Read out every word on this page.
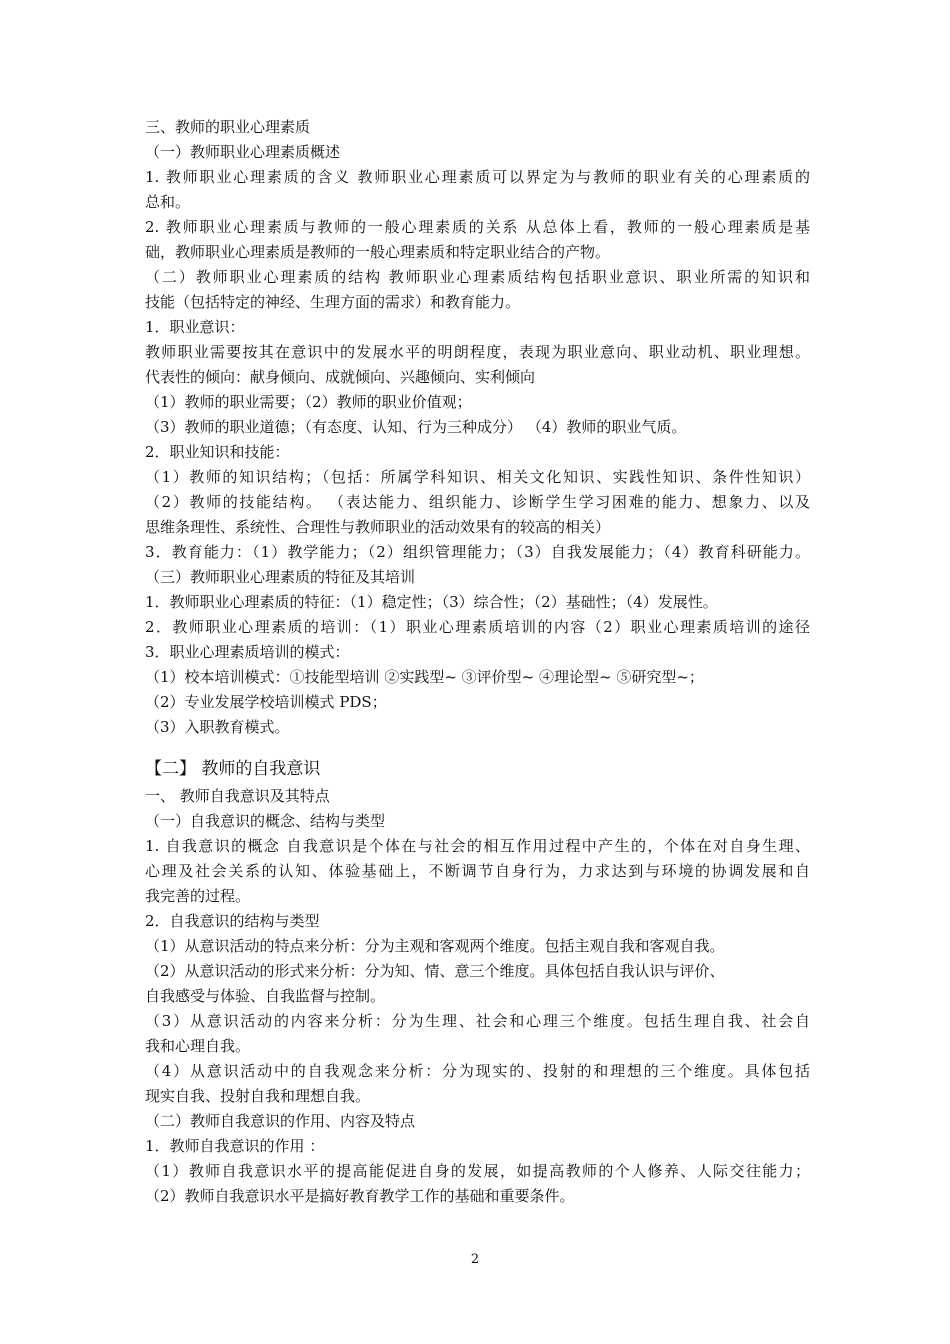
三、教师的职业心理素质
（一）教师职业心理素质概述
1. 教师职业心理素质的含义 教师职业心理素质可以界定为与教师的职业有关的心理素质的
总和。
2. 教师职业心理素质与教师的一般心理素质的关系 从总体上看，教师的一般心理素质是基
础，教师职业心理素质是教师的一般心理素质和特定职业结合的产物。
（二）教师职业心理素质的结构 教师职业心理素质结构包括职业意识、职业所需的知识和
技能（包括特定的神经、生理方面的需求）和教育能力。
1．职业意识：
教师职业需要按其在意识中的发展水平的明朗程度，表现为职业意向、职业动机、职业理想。
代表性的倾向：献身倾向、成就倾向、兴趣倾向、实利倾向
（1）教师的职业需要；（2）教师的职业价值观；
（3）教师的职业道德；（有态度、认知、行为三种成分） （4）教师的职业气质。
2．职业知识和技能：
（1）教师的知识结构；（包括：所属学科知识、相关文化知识、实践性知识、条件性知识）
（2）教师的技能结构。 （表达能力、组织能力、诊断学生学习困难的能力、想象力、以及
思维条理性、系统性、合理性与教师职业的活动效果有的较高的相关）
3．教育能力：（1）教学能力；（2）组织管理能力；（3）自我发展能力；（4）教育科研能力。
（三）教师职业心理素质的特征及其培训
1．教师职业心理素质的特征：（1）稳定性；（3）综合性；（2）基础性；（4）发展性。
2．教师职业心理素质的培训：（1）职业心理素质培训的内容（2）职业心理素质培训的途径
3．职业心理素质培训的模式：
（1）校本培训模式：①技能型培训 ②实践型~ ③评价型~ ④理论型~ ⑤研究型~；
（2）专业发展学校培训模式 PDS；
（3）入职教育模式。
【二】 教师的自我意识
一、 教师自我意识及其特点
（一）自我意识的概念、结构与类型
1. 自我意识的概念 自我意识是个体在与社会的相互作用过程中产生的，个体在对自身生理、
心理及社会关系的认知、体验基础上，不断调节自身行为，力求达到与环境的协调发展和自
我完善的过程。
2．自我意识的结构与类型
（1）从意识活动的特点来分析：分为主观和客观两个维度。包括主观自我和客观自我。
（2）从意识活动的形式来分析：分为知、情、意三个维度。具体包括自我认识与评价、
自我感受与体验、自我监督与控制。
（3）从意识活动的内容来分析：分为生理、社会和心理三个维度。包括生理自我、社会自
我和心理自我。
（4）从意识活动中的自我观念来分析：分为现实的、投射的和理想的三个维度。具体包括
现实自我、投射自我和理想自我。
（二）教师自我意识的作用、内容及特点
1．教师自我意识的作用 ：
（1）教师自我意识水平的提高能促进自身的发展，如提高教师的个人修养、人际交往能力；
（2）教师自我意识水平是搞好教育教学工作的基础和重要条件。
2
